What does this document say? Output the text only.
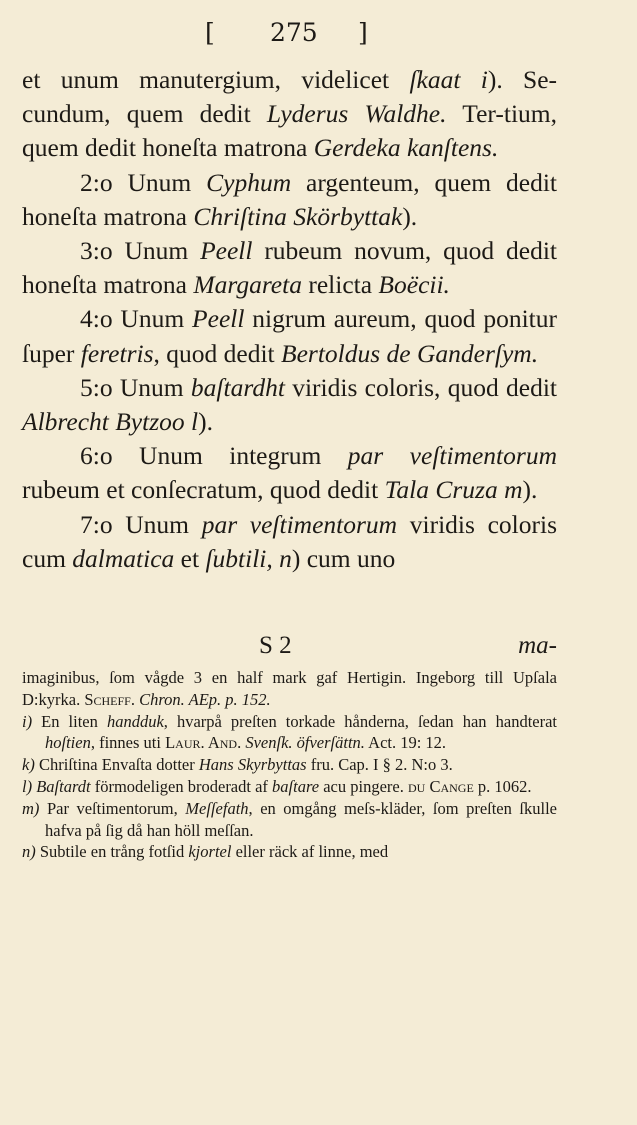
[ 275 ]

et unum manutergium, videlicet ſkaat i). Se-cundum, quem dedit Lyderus Waldhe. Ter-tium, quem dedit honeſta matrona Gerdeka kanſtens.

2:o Unum Cyphum argenteum, quem dedit honeſta matrona Chriſtina Skörbyttak).

3:o Unum Peell rubeum novum, quod dedit honeſta matrona Margareta relicta Boëcii.

4:o Unum Peell nigrum aureum, quod ponitur ſuper feretris, quod dedit Bertoldus de Ganderſym.

5:o Unum baſtardht viridis coloris, quod dedit Albrecht Bytzoo l).

6:o Unum integrum par veſtimentorum rubeum et conſecratum, quod dedit Tala Cruza m).

7:o Unum par veſtimentorum viridis coloris cum dalmatica et ſubtili, n) cum uno

S 2	ma-

imaginibus, ſom vågde 3 en half mark gaf Hertigin. Ingeborg till Upſala D:kyrka. Scheff. Chron. AEp. p. 152.

i) En liten handduk, hvarpå preſten torkade hånderna, ſedan han handterat hoſtien, finnes uti Laur. And. Svenſk. öfverſättn. Act. 19: 12.

k) Chriſtina Envaſta dotter Hans Skyrbyttas fru. Cap. I § 2. N:o 3.

l) Baſtardt förmodeligen broderadt af baſtare acu pingere. du Cange p. 1062.

m) Par veſtimentorum, Meſſefath, en omgång meſs-kläder, ſom preſten ſkulle hafva på ſig då han höll meſſan.

n) Subtile en trång fotſid kjortel eller räck af linne, med
